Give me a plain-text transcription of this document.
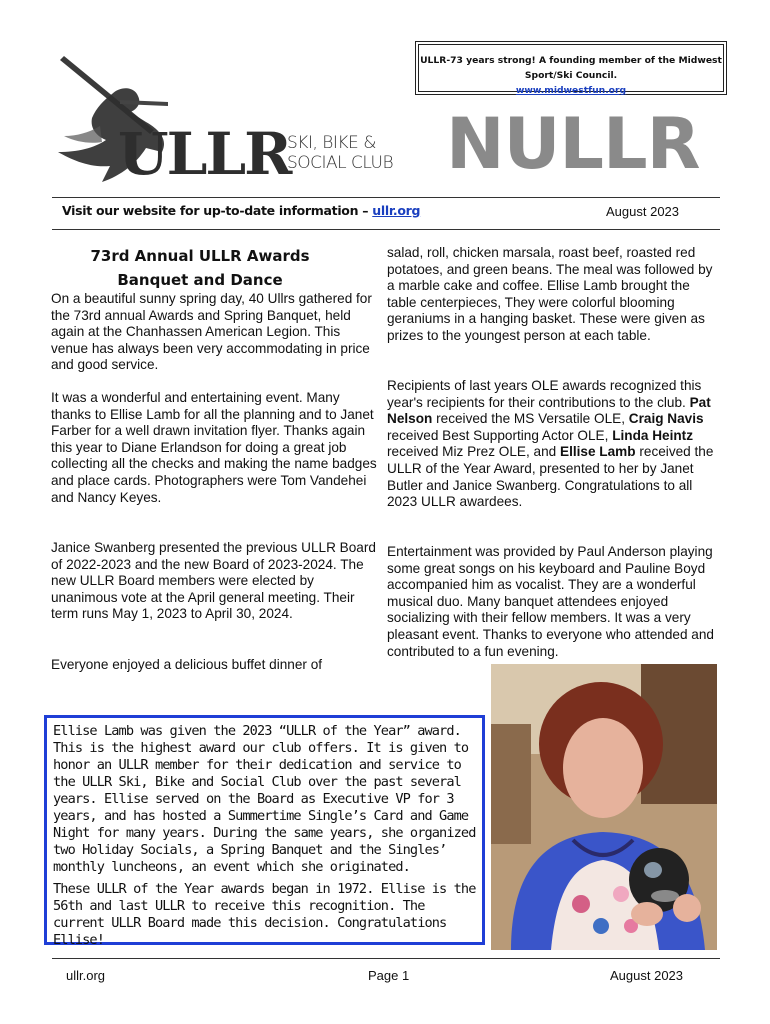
ULLR-73 years strong! A founding member of the Midwest Sport/Ski Council.
www.midwestfun.org
ULLR
SKI, BIKE &
SOCIAL CLUB NULLR
Visit our website for up-to-date information – ullr.org	August 2023
73rd Annual ULLR Awards
Banquet and Dance
On a beautiful sunny spring day, 40 Ullrs gathered for the 73rd annual Awards and Spring Banquet, held again at the Chanhassen American Legion. This venue has always been very accommodating in price and good service.
It was a wonderful and entertaining event. Many thanks to Ellise Lamb for all the planning and to Janet Farber for a well drawn invitation flyer. Thanks again this year to Diane Erlandson for doing a great job collecting all the checks and making the name badges and place cards. Photographers were Tom Vandehei and Nancy Keyes.
Janice Swanberg presented the previous ULLR Board of 2022-2023 and the new Board of 2023-2024. The new ULLR Board members were elected by unanimous vote at the April general meeting. Their term runs May 1, 2023 to April 30, 2024.
Everyone enjoyed a delicious buffet dinner of
salad, roll, chicken marsala, roast beef, roasted red potatoes, and green beans. The meal was followed by a marble cake and coffee. Ellise Lamb brought the table centerpieces, They were colorful blooming geraniums in a hanging basket. These were given as prizes to the youngest person at each table.
Recipients of last years OLE awards recognized this year's recipients for their contributions to the club. Pat Nelson received the MS Versatile OLE, Craig Navis received Best Supporting Actor OLE, Linda Heintz received Miz Prez OLE, and Ellise Lamb received the ULLR of the Year Award, presented to her by Janet Butler and Janice Swanberg. Congratulations to all 2023 ULLR awardees.
Entertainment was provided by Paul Anderson playing some great songs on his keyboard and Pauline Boyd accompanied him as vocalist. They are a wonderful musical duo. Many banquet attendees enjoyed socializing with their fellow members. It was a very pleasant event. Thanks to everyone who attended and contributed to a fun evening.

Ellise Lamb was given the 2023 “ULLR of the Year” award. This is the highest award our club offers. It is given to honor an ULLR member for their dedication and service to the ULLR Ski, Bike and Social Club over the past several years. Ellise served on the Board as Executive VP for 3 years, and has hosted a Summertime Single’s Card and Game Night for many years. During the same years, she organized two Holiday Socials, a Spring Banquet and the Singles’ monthly luncheons, an event which she originated.

These ULLR of the Year awards began in 1972. Ellise is the 56th and last ULLR to receive this recognition. The current ULLR Board made this decision. Congratulations Ellise!

ullr.org	Page 1	August 2023
